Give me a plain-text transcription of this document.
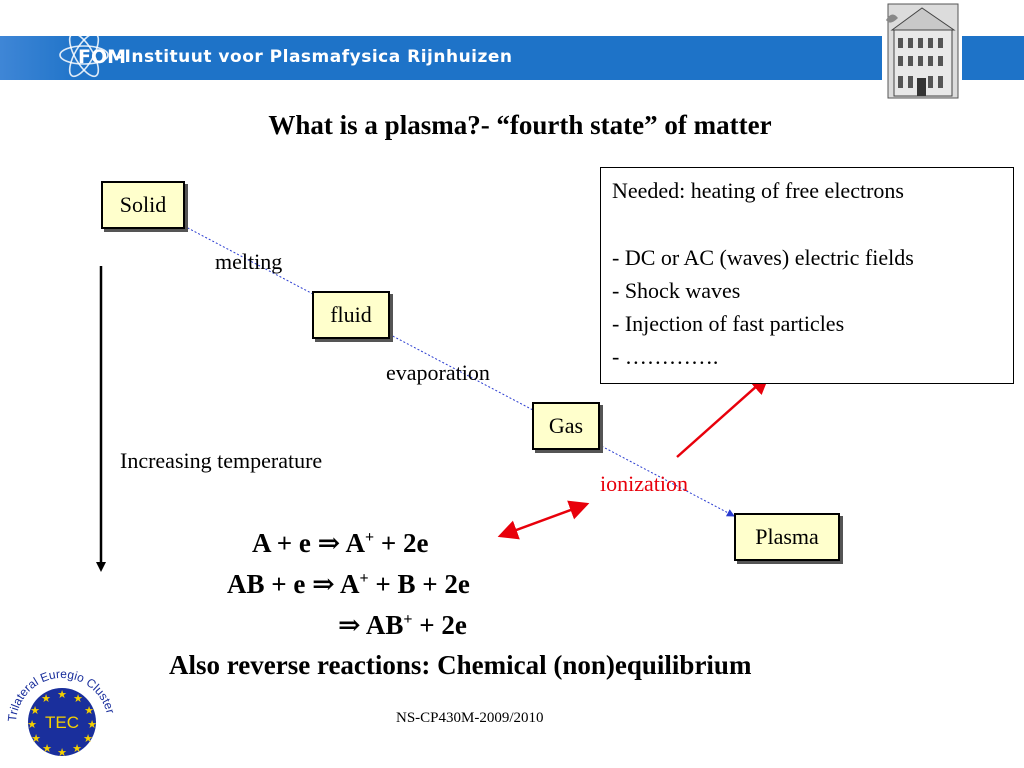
FOM
-Instituut voor Plasmafysica Rijnhuizen
What is a plasma?- “fourth state” of matter
Solid
fluid
Gas
Plasma
melting
evaporation
ionization
Increasing temperature
Needed: heating of free electrons
- DC or AC (waves) electric fields
- Shock waves
- Injection of fast particles
- ………….
A + e ⇒ A+ + 2e
AB + e ⇒ A+ + B + 2e
⇒ AB+ + 2e
Also reverse reactions: Chemical (non)equilibrium
Trilateral Euregio Cluster
★ ★
★
★
★
★
★
★
★
★
★
★
TEC	NS-CP430M-2009/2010
